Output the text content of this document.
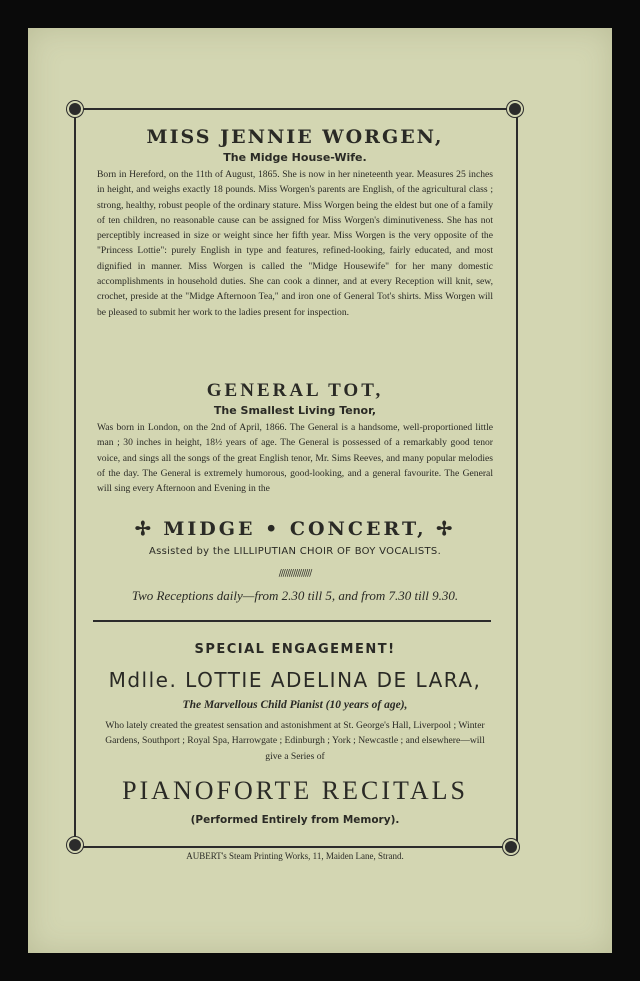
MISS JENNIE WORGEN,
The Midge House-Wife.
Born in Hereford, on the 11th of August, 1865. She is now in her nineteenth year. Measures 25 inches in height, and weighs exactly 18 pounds. Miss Worgen's parents are English, of the agricultural class ; strong, healthy, robust people of the ordinary stature. Miss Worgen being the eldest but one of a family of ten children, no reasonable cause can be assigned for Miss Worgen's diminutiveness. She has not perceptibly increased in size or weight since her fifth year. Miss Worgen is the very opposite of the "Princess Lottie": purely English in type and features, refined-looking, fairly educated, and most dignified in manner. Miss Worgen is called the "Midge Housewife" for her many domestic accomplishments in household duties. She can cook a dinner, and at every Reception will knit, sew, crochet, preside at the "Midge Afternoon Tea," and iron one of General Tot's shirts. Miss Worgen will be pleased to submit her work to the ladies present for inspection.
GENERAL TOT,
The Smallest Living Tenor,
Was born in London, on the 2nd of April, 1866. The General is a handsome, well-proportioned little man ; 30 inches in height, 18½ years of age. The General is possessed of a remarkably good tenor voice, and sings all the songs of the great English tenor, Mr. Sims Reeves, and many popular melodies of the day. The General is extremely humorous, good-looking, and a general favourite. The General will sing every Afternoon and Evening in the
✢ MIDGE • CONCERT, ✢
Assisted by the LILLIPUTIAN CHOIR OF BOY VOCALISTS.
////////////////
Two Receptions daily—from 2.30 till 5, and from 7.30 till 9.30.
SPECIAL ENGAGEMENT!
Mdlle. LOTTIE ADELINA DE LARA,
The Marvellous Child Pianist (10 years of age),
Who lately created the greatest sensation and astonishment at St. George's Hall, Liverpool ; Winter Gardens, Southport ; Royal Spa, Harrowgate ; Edinburgh ; York ; Newcastle ; and elsewhere—will give a Series of
PIANOFORTE RECITALS
(Performed Entirely from Memory).
AUBERT's Steam Printing Works, 11, Maiden Lane, Strand.
